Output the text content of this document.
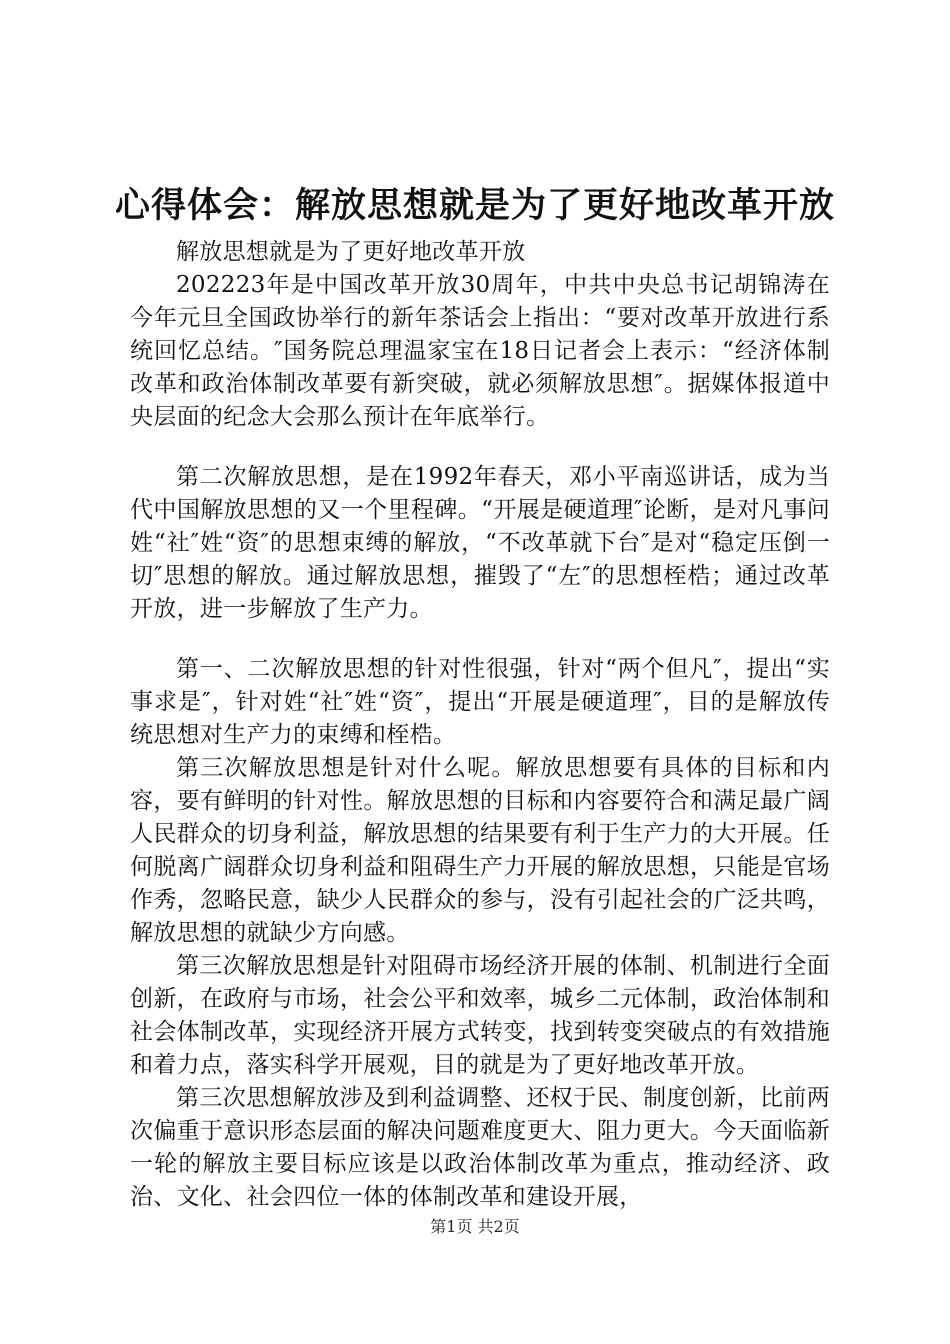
心得体会：解放思想就是为了更好地改革开放

解放思想就是为了更好地改革开放

202223年是中国改革开放30周年，中共中央总书记胡锦涛在今年元旦全国政协举行的新年茶话会上指出：“要对改革开放进行系统回忆总结。″国务院总理温家宝在18日记者会上表示：“经济体制改革和政治体制改革要有新突破，就必须解放思想″。据媒体报道中央层面的纪念大会那么预计在年底举行。

第二次解放思想，是在1992年春天，邓小平南巡讲话，成为当代中国解放思想的又一个里程碑。“开展是硬道理″论断，是对凡事问姓“社″姓“资″的思想束缚的解放，“不改革就下台″是对“稳定压倒一切″思想的解放。通过解放思想，摧毁了“左″的思想桎梏；通过改革开放，进一步解放了生产力。

第一、二次解放思想的针对性很强，针对“两个但凡″，提出“实事求是″，针对姓“社″姓“资″，提出“开展是硬道理″，目的是解放传统思想对生产力的束缚和桎梏。

第三次解放思想是针对什么呢。解放思想要有具体的目标和内容，要有鲜明的针对性。解放思想的目标和内容要符合和满足最广阔人民群众的切身利益，解放思想的结果要有利于生产力的大开展。任何脱离广阔群众切身利益和阻碍生产力开展的解放思想，只能是官场作秀，忽略民意，缺少人民群众的参与，没有引起社会的广泛共鸣，解放思想的就缺少方向感。

第三次解放思想是针对阻碍市场经济开展的体制、机制进行全面创新，在政府与市场，社会公平和效率，城乡二元体制，政治体制和社会体制改革，实现经济开展方式转变，找到转变突破点的有效措施和着力点，落实科学开展观，目的就是为了更好地改革开放。

第三次思想解放涉及到利益调整、还权于民、制度创新，比前两次偏重于意识形态层面的解决问题难度更大、阻力更大。今天面临新一轮的解放主要目标应该是以政治体制改革为重点，推动经济、政治、文化、社会四位一体的体制改革和建设开展，

第1页 共2页
